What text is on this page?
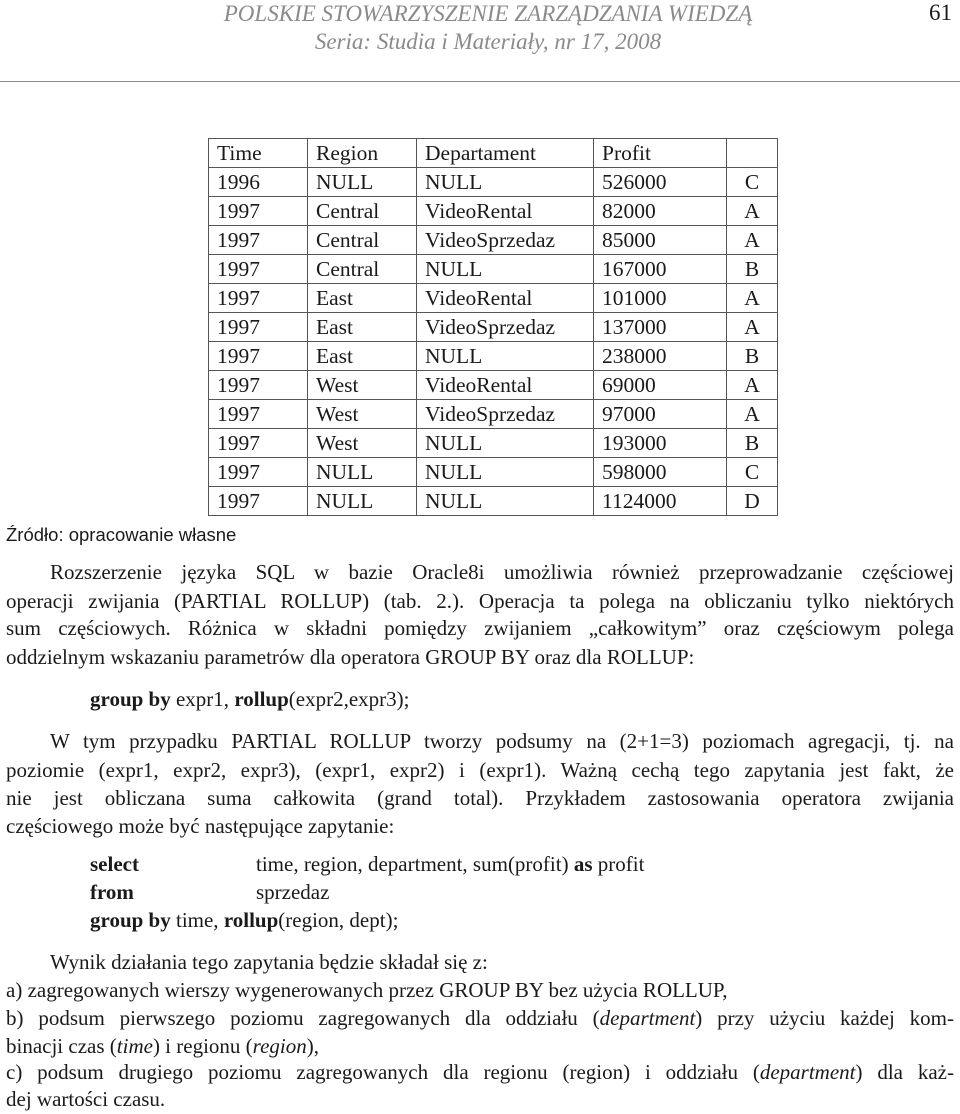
POLSKIE STOWARZYSZENIE ZARZĄDZANIA WIEDZĄ
Seria: Studia i Materiały, nr 17, 2008
61
Time	Region	Departament	Profit	
1996	NULL	NULL	526000	C
1997	Central	VideoRental	82000	A
1997	Central	VideoSprzedaz	85000	A
1997	Central	NULL	167000	B
1997	East	VideoRental	101000	A
1997	East	VideoSprzedaz	137000	A
1997	East	NULL	238000	B
1997	West	VideoRental	69000	A
1997	West	VideoSprzedaz	97000	A
1997	West	NULL	193000	B
1997	NULL	NULL	598000	C
1997	NULL	NULL	1124000	D
Źródło: opracowanie własne
Rozszerzenie języka SQL w bazie Oracle8i umożliwia również przeprowadzanie częściowej
operacji zwijania (PARTIAL ROLLUP) (tab. 2.). Operacja ta polega na obliczaniu tylko niektórych
sum częściowych. Różnica w składni pomiędzy zwijaniem „całkowitym” oraz częściowym polega
oddzielnym wskazaniu parametrów dla operatora GROUP BY oraz dla ROLLUP:
group by expr1, rollup(expr2,expr3);
W tym przypadku PARTIAL ROLLUP tworzy podsumy na (2+1=3) poziomach agregacji, tj. na
poziomie (expr1, expr2, expr3), (expr1, expr2) i (expr1). Ważną cechą tego zapytania jest fakt, że
nie jest obliczana suma całkowita (grand total). Przykładem zastosowania operatora zwijania
częściowego może być następujące zapytanie:
select	time, region, department, sum(profit) as profit
from	sprzedaz
group by time, rollup(region, dept);
Wynik działania tego zapytania będzie składał się z:
a) zagregowanych wierszy wygenerowanych przez GROUP BY bez użycia ROLLUP,
b) podsum pierwszego poziomu zagregowanych dla oddziału (department) przy użyciu każdej kom-
binacji czas (time) i regionu (region),
c) podsum drugiego poziomu zagregowanych dla regionu (region) i oddziału (department) dla każ-
dej wartości czasu.
